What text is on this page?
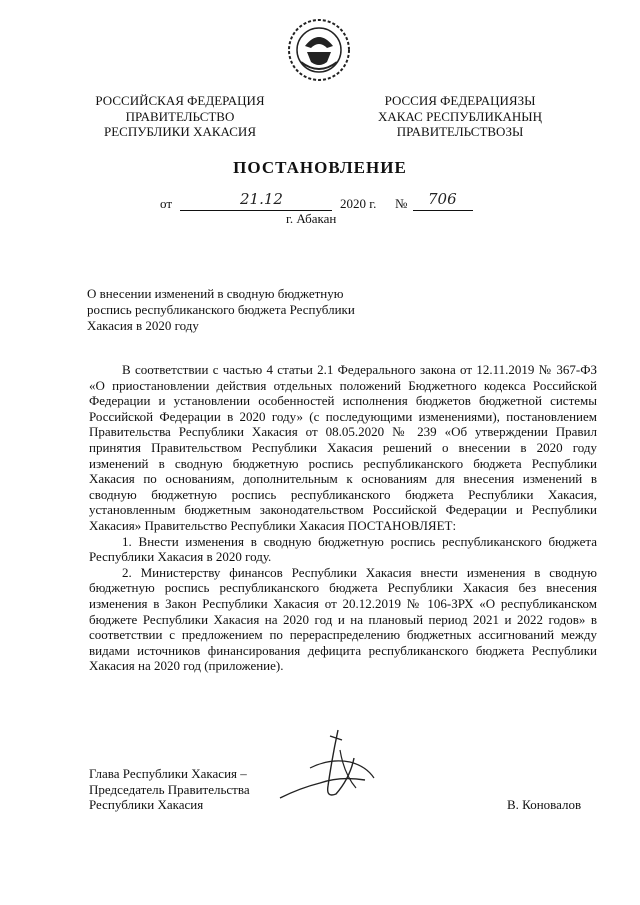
РОССИЙСКАЯ ФЕДЕРАЦИЯ
ПРАВИТЕЛЬСТВО
РЕСПУБЛИКИ ХАКАСИЯ
РОССИЯ ФЕДЕРАЦИЯЗЫ
ХАКАС РЕСПУБЛИКАНЫҢ
ПРАВИТЕЛЬСТВОЗЫ
ПОСТАНОВЛЕНИЕ
от	21.12	2020 г. № 706
г. Абакан
О внесении изменений в сводную бюджетную
роспись республиканского бюджета Республики
Хакасия в 2020 году

В соответствии с частью 4 статьи 2.1 Федерального закона от 12.11.2019 № 367-ФЗ «О приостановлении действия отдельных положений Бюджетного кодекса Российской Федерации и установлении особенностей исполнения бюджетов бюджетной системы Российской Федерации в 2020 году» (с последующими изменениями), постановлением Правительства Республики Хакасия от 08.05.2020 № 239 «Об утверждении Правил принятия Правительством Республики Хакасия решений о внесении в 2020 году изменений в сводную бюджетную роспись республиканского бюджета Республики Хакасия по основаниям, дополнительным к основаниям для внесения изменений в сводную бюджетную роспись республиканского бюджета Республики Хакасия, установленным бюджетным законодательством Российской Федерации и Республики Хакасия» Правительство Республики Хакасия ПОСТАНОВЛЯЕТ:

1. Внести изменения в сводную бюджетную роспись республиканского бюджета Республики Хакасия в 2020 году.

2. Министерству финансов Республики Хакасия внести изменения в сводную бюджетную роспись республиканского бюджета Республики Хакасия без внесения изменения в Закон Республики Хакасия от 20.12.2019 № 106-ЗРХ «О республиканском бюджете Республики Хакасия на 2020 год и на плановый период 2021 и 2022 годов» в соответствии с предложением по перераспределению бюджетных ассигнований между видами источников финансирования дефицита республиканского бюджета Республики Хакасия на 2020 год (приложение).

Глава Республики Хакасия –
Председатель Правительства
Республики Хакасия	В. Коновалов
